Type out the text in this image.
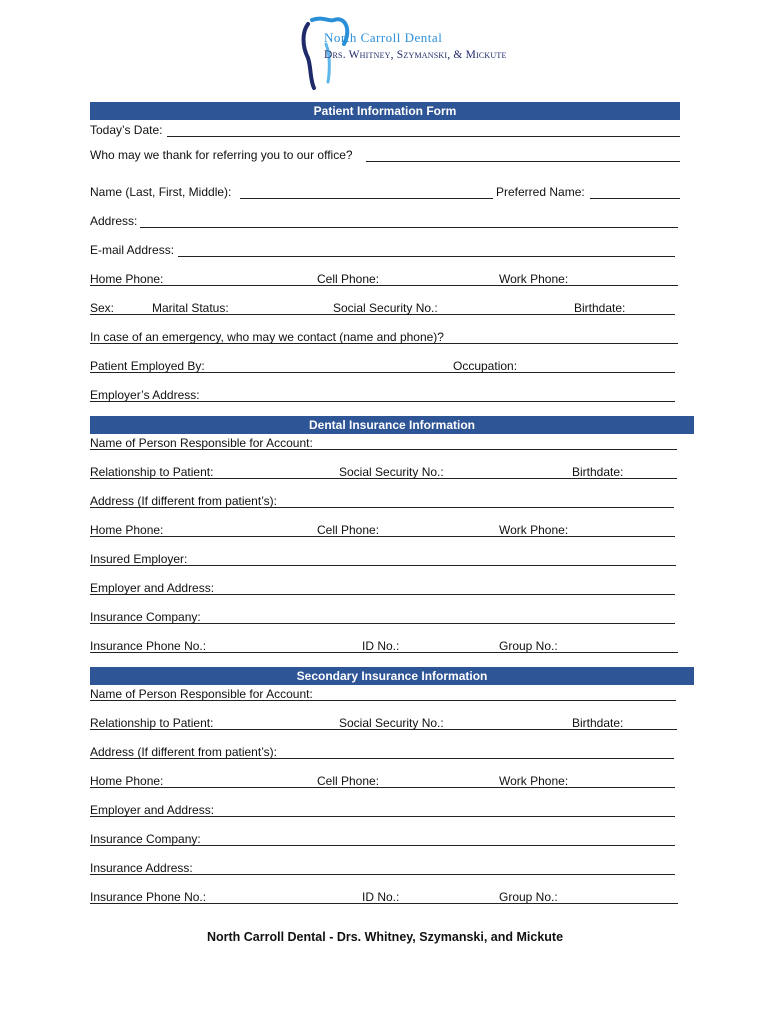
North Carroll Dental
Drs. Whitney, Szymanski, & Mickute
Patient Information Form
Today’s Date:
Who may we thank for referring you to our office?
Name (Last, First, Middle):	Preferred Name:
Address:
E-mail Address:
Home Phone:	Cell Phone:	Work Phone:
Sex:	Marital Status:	Social Security No.:	Birthdate:
In case of an emergency, who may we contact (name and phone)?
Patient Employed By:	Occupation:
Employer’s Address:
Dental Insurance Information
Name of Person Responsible for Account:
Relationship to Patient:	Social Security No.:	Birthdate:
Address (If different from patient’s):
Home Phone:	Cell Phone:	Work Phone:
Insured Employer:
Employer and Address:
Insurance Company:
Insurance Phone No.:	ID No.:	Group No.:
Secondary Insurance Information
Name of Person Responsible for Account:
Relationship to Patient:	Social Security No.:	Birthdate:
Address (If different from patient’s):
Home Phone:	Cell Phone:	Work Phone:
Employer and Address:
Insurance Company:
Insurance Address:
Insurance Phone No.:	ID No.:	Group No.:
North Carroll Dental - Drs. Whitney, Szymanski, and Mickute
